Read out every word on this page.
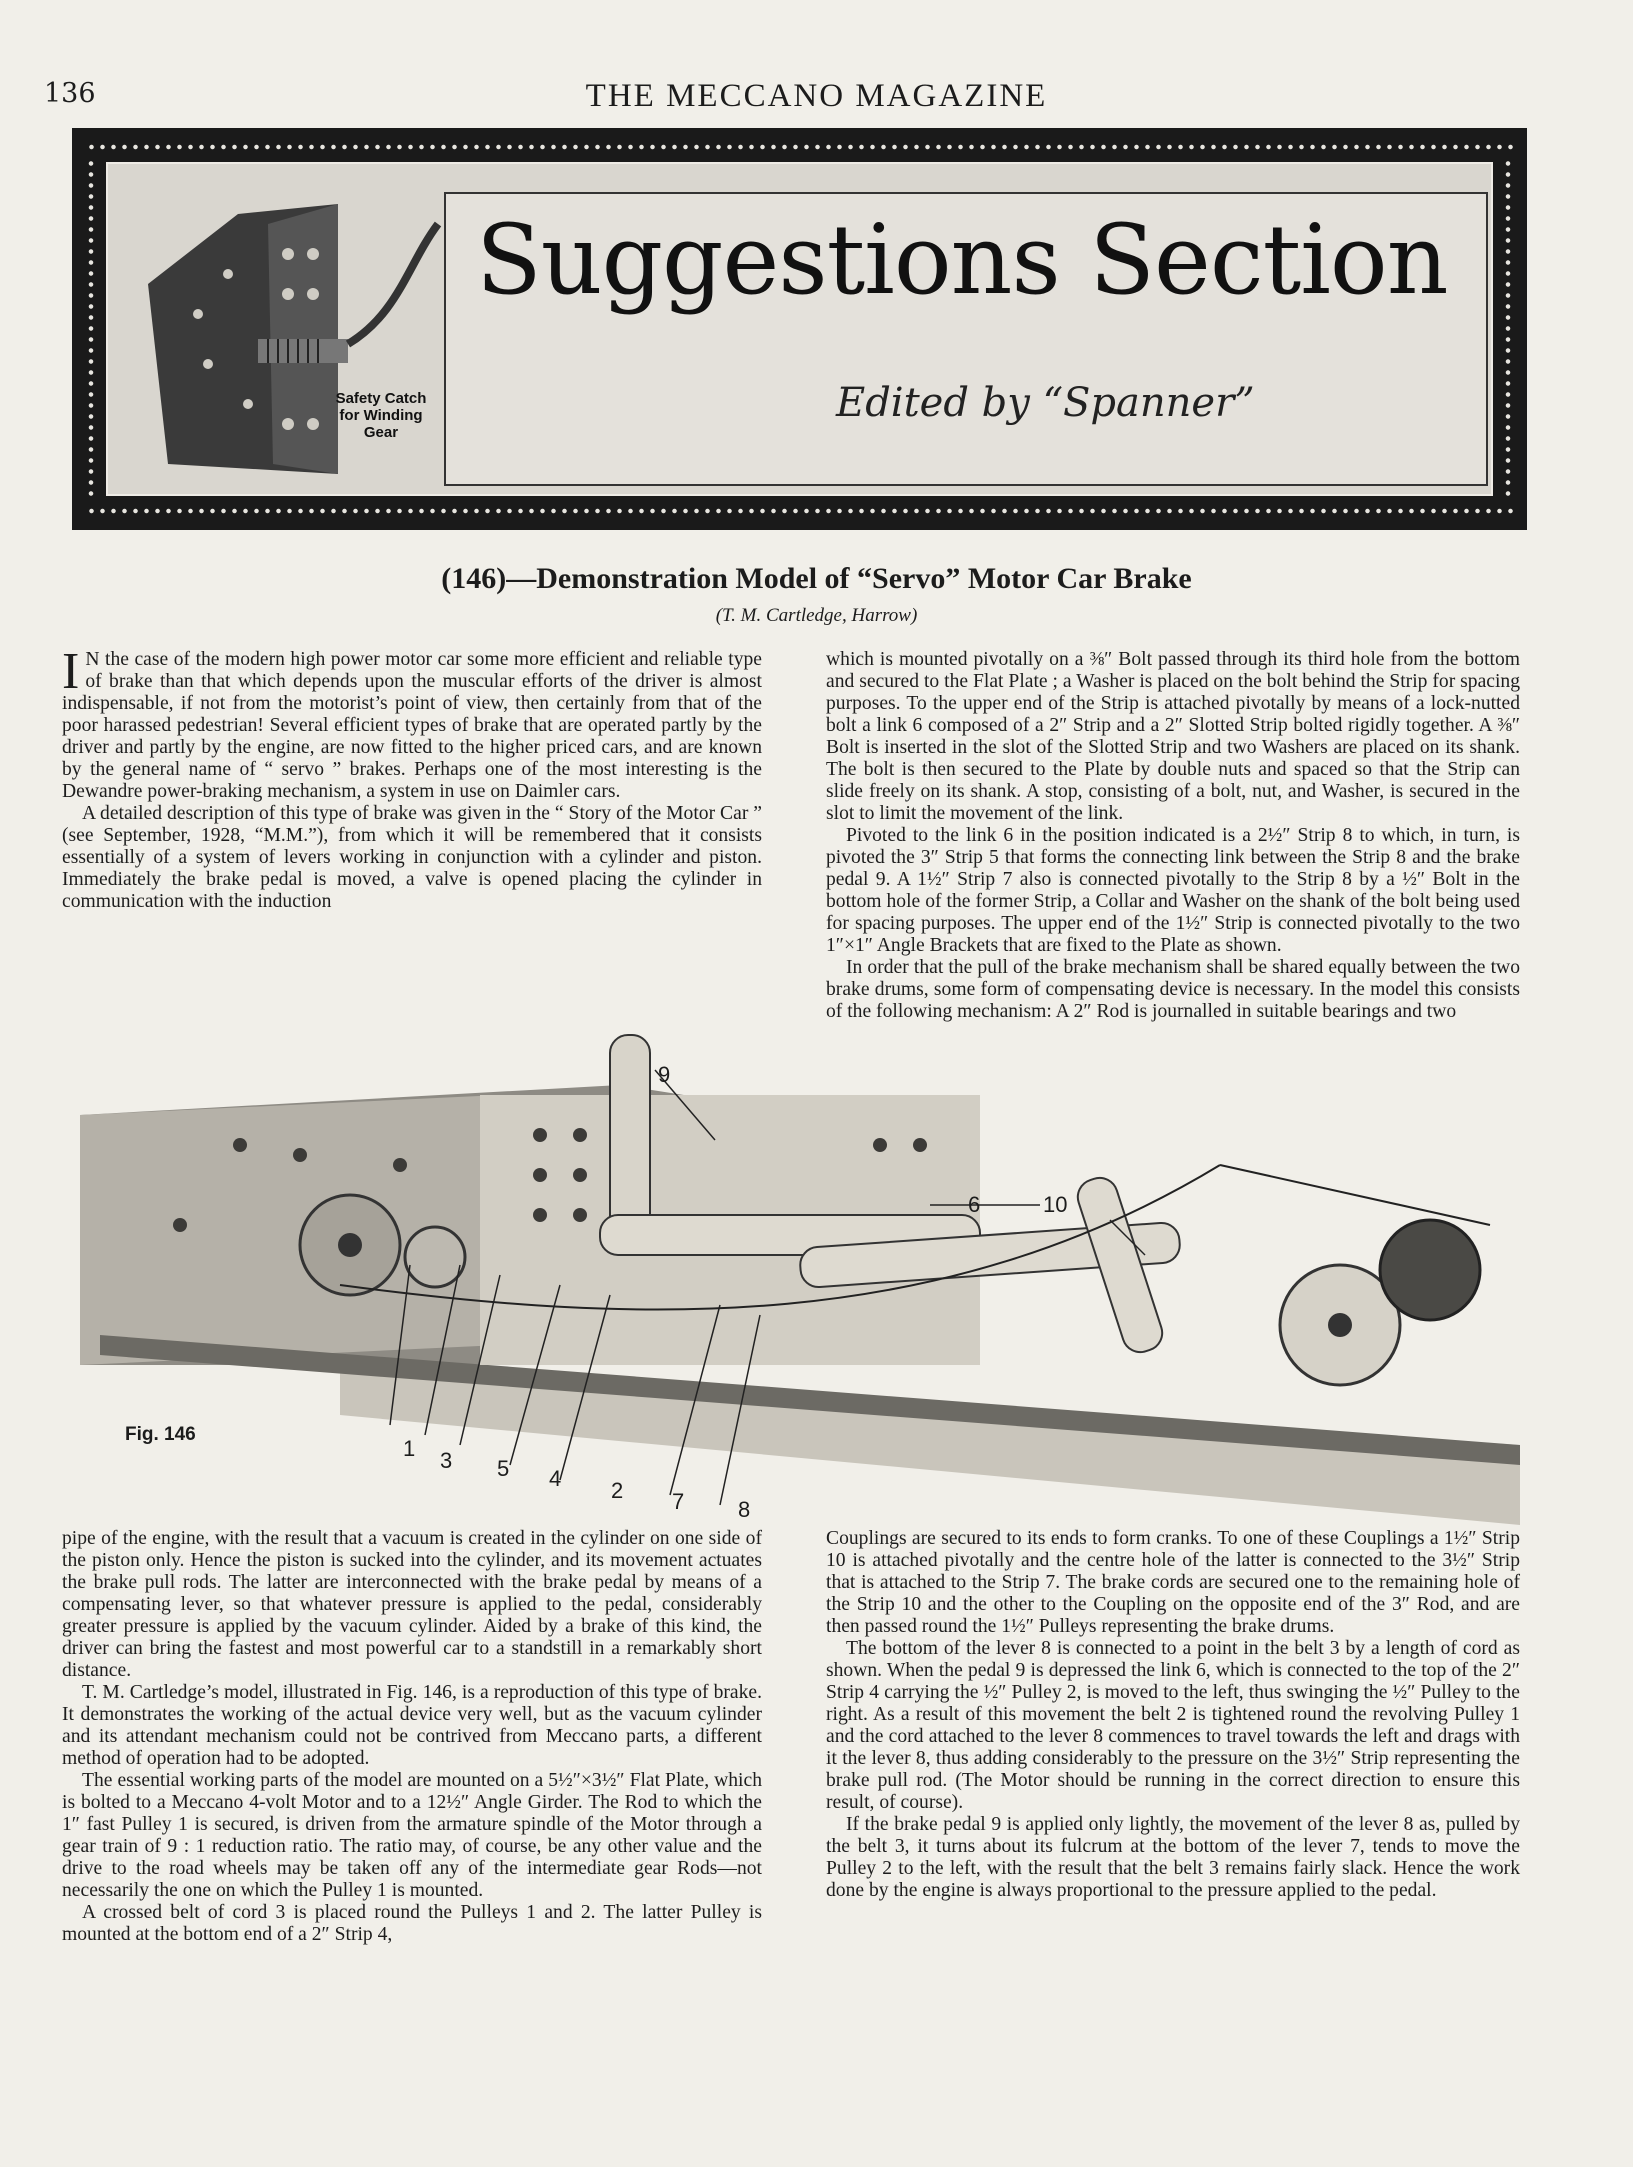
136	THE MECCANO MAGAZINE
Safety Catch for Winding Gear
Suggestions Section
Edited by “Spanner”
(146)—Demonstration Model of “Servo” Motor Car Brake
(T. M. Cartledge, Harrow)

I N the case of the modern high power motor car some more efficient and reliable type of brake than that which depends upon the muscular efforts of the driver is almost indispensable, if not from the motorist’s point of view, then certainly from that of the poor harassed pedestrian! Several efficient types of brake that are operated partly by the driver and partly by the engine, are now fitted to the higher priced cars, and are known by the general name of “ servo ” brakes. Perhaps one of the most interesting is the Dewandre power-braking mechanism, a system in use on Daimler cars.

A detailed description of this type of brake was given in the “ Story of the Motor Car ” (see September, 1928, “M.M.”), from which it will be remembered that it consists essentially of a system of levers working in conjunction with a cylinder and piston. Immediately the brake pedal is moved, a valve is opened placing the cylinder in communication with the induction

which is mounted pivotally on a ⅜″ Bolt passed through its third hole from the bottom and secured to the Flat Plate ; a Washer is placed on the bolt behind the Strip for spacing purposes. To the upper end of the Strip is attached pivotally by means of a lock-nutted bolt a link 6 composed of a 2″ Strip and a 2″ Slotted Strip bolted rigidly together. A ⅜″ Bolt is inserted in the slot of the Slotted Strip and two Washers are placed on its shank. The bolt is then secured to the Plate by double nuts and spaced so that the Strip can slide freely on its shank. A stop, consisting of a bolt, nut, and Washer, is secured in the slot to limit the movement of the link.

Pivoted to the link 6 in the position indicated is a 2½″ Strip 8 to which, in turn, is pivoted the 3″ Strip 5 that forms the connecting link between the Strip 8 and the brake pedal 9. A 1½″ Strip 7 also is connected pivotally to the Strip 8 by a ½″ Bolt in the bottom hole of the former Strip, a Collar and Washer on the shank of the bolt being used for spacing purposes. The upper end of the 1½″ Strip is connected pivotally to the two 1″×1″ Angle Brackets that are fixed to the Plate as shown.

In order that the pull of the brake mechanism shall be shared equally between the two brake drums, some form of compensating device is necessary. In the model this consists of the following mechanism: A 2″ Rod is journalled in suitable bearings and two

Fig. 146
1 3 5 4 2 7 8
9
6	10

pipe of the engine, with the result that a vacuum is created in the cylinder on one side of the piston only. Hence the piston is sucked into the cylinder, and its movement actuates the brake pull rods. The latter are interconnected with the brake pedal by means of a compensating lever, so that whatever pressure is applied to the pedal, considerably greater pressure is applied by the vacuum cylinder. Aided by a brake of this kind, the driver can bring the fastest and most powerful car to a standstill in a remarkably short distance.

T. M. Cartledge’s model, illustrated in Fig. 146, is a reproduction of this type of brake. It demonstrates the working of the actual device very well, but as the vacuum cylinder and its attendant mechanism could not be contrived from Meccano parts, a different method of operation had to be adopted.

The essential working parts of the model are mounted on a 5½″×3½″ Flat Plate, which is bolted to a Meccano 4-volt Motor and to a 12½″ Angle Girder. The Rod to which the 1″ fast Pulley 1 is secured, is driven from the armature spindle of the Motor through a gear train of 9 : 1 reduction ratio. The ratio may, of course, be any other value and the drive to the road wheels may be taken off any of the intermediate gear Rods—not necessarily the one on which the Pulley 1 is mounted.

A crossed belt of cord 3 is placed round the Pulleys 1 and 2. The latter Pulley is mounted at the bottom end of a 2″ Strip 4,

Couplings are secured to its ends to form cranks. To one of these Couplings a 1½″ Strip 10 is attached pivotally and the centre hole of the latter is connected to the 3½″ Strip that is attached to the Strip 7. The brake cords are secured one to the remaining hole of the Strip 10 and the other to the Coupling on the opposite end of the 3″ Rod, and are then passed round the 1½″ Pulleys representing the brake drums.

The bottom of the lever 8 is connected to a point in the belt 3 by a length of cord as shown. When the pedal 9 is depressed the link 6, which is connected to the top of the 2″ Strip 4 carrying the ½″ Pulley 2, is moved to the left, thus swinging the ½″ Pulley to the right. As a result of this movement the belt 2 is tightened round the revolving Pulley 1 and the cord attached to the lever 8 commences to travel towards the left and drags with it the lever 8, thus adding considerably to the pressure on the 3½″ Strip representing the brake pull rod. (The Motor should be running in the correct direction to ensure this result, of course).

If the brake pedal 9 is applied only lightly, the movement of the lever 8 as, pulled by the belt 3, it turns about its fulcrum at the bottom of the lever 7, tends to move the Pulley 2 to the left, with the result that the belt 3 remains fairly slack. Hence the work done by the engine is always proportional to the pressure applied to the pedal.
